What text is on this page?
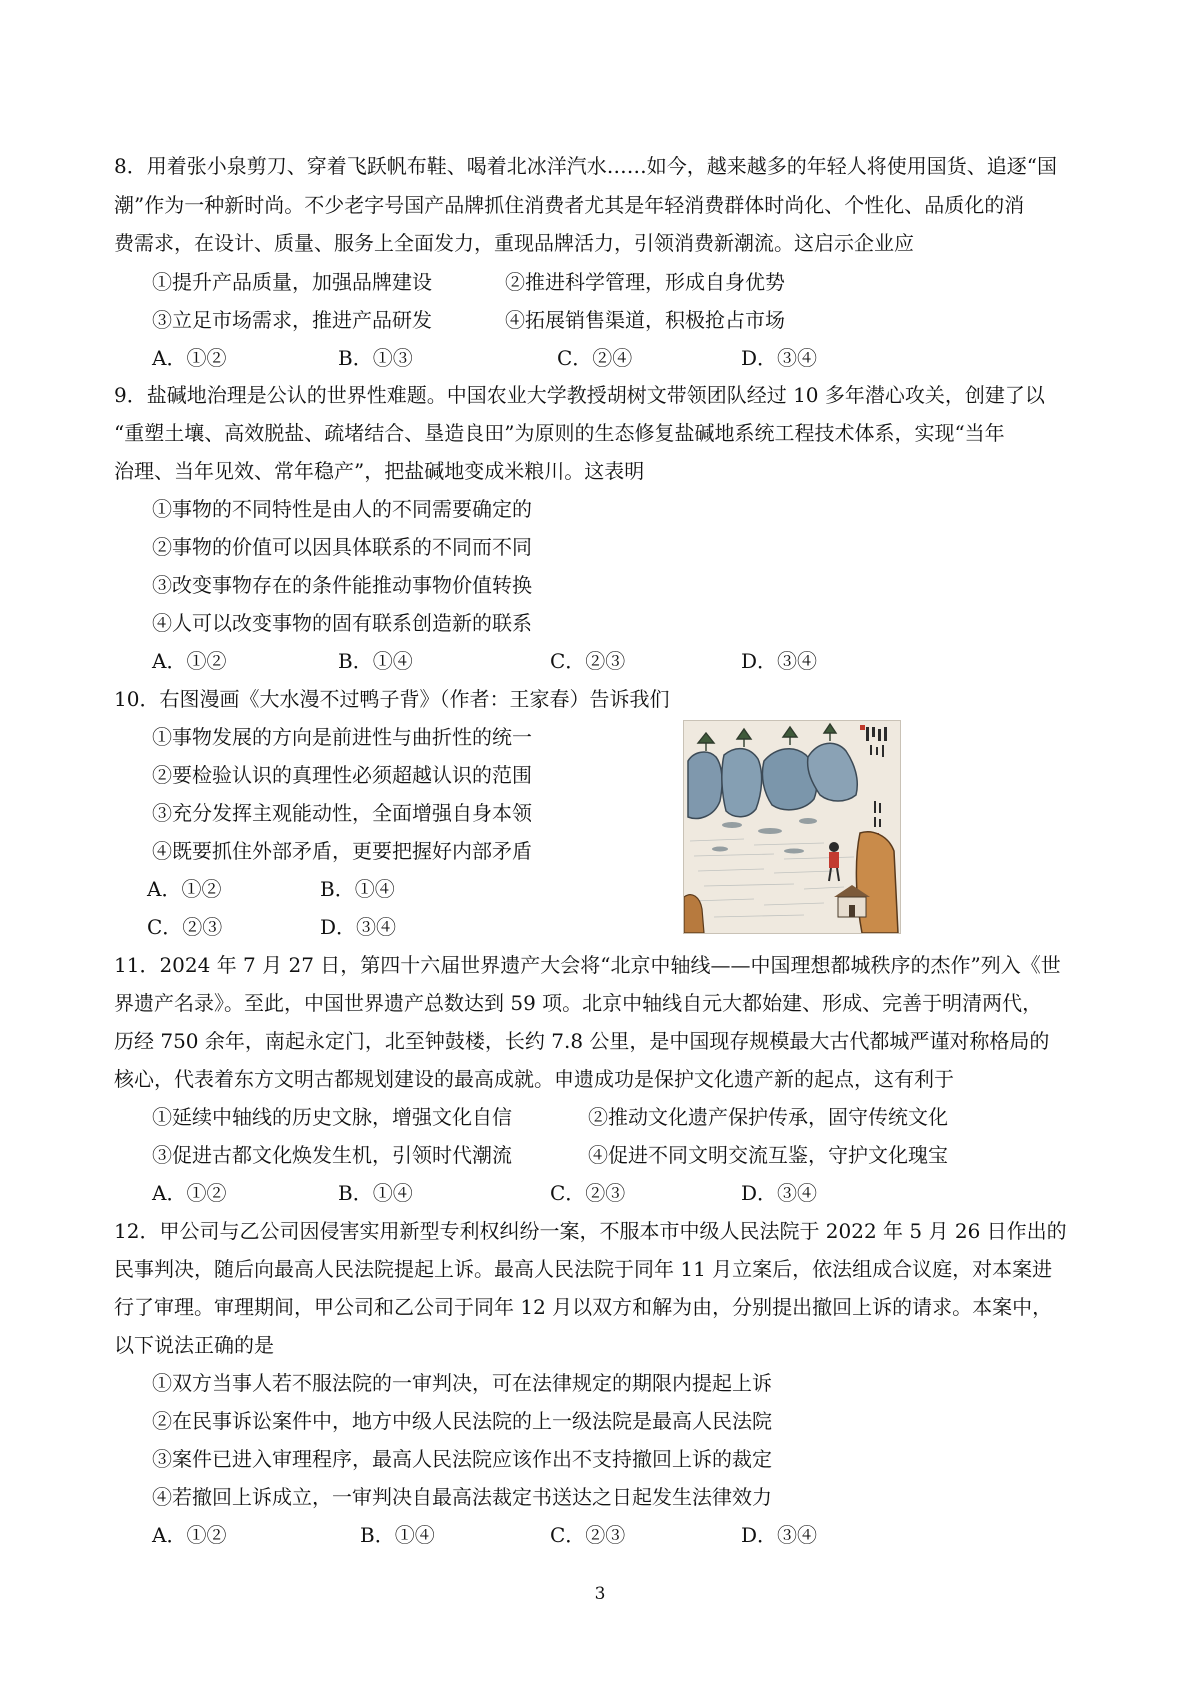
8．用着张小泉剪刀、穿着飞跃帆布鞋、喝着北冰洋汽水……如今，越来越多的年轻人将使用国货、追逐“国
潮”作为一种新时尚。不少老字号国产品牌抓住消费者尤其是年轻消费群体时尚化、个性化、品质化的消
费需求，在设计、质量、服务上全面发力，重现品牌活力，引领消费新潮流。这启示企业应
①提升产品质量，加强品牌建设	②推进科学管理，形成自身优势
③立足市场需求，推进产品研发	④拓展销售渠道，积极抢占市场
A．①②	B．①③	C．②④	D．③④
9．盐碱地治理是公认的世界性难题。中国农业大学教授胡树文带领团队经过 10 多年潜心攻关，创建了以
“重塑土壤、高效脱盐、疏堵结合、垦造良田”为原则的生态修复盐碱地系统工程技术体系，实现“当年
治理、当年见效、常年稳产”，把盐碱地变成米粮川。这表明
①事物的不同特性是由人的不同需要确定的
②事物的价值可以因具体联系的不同而不同
③改变事物存在的条件能推动事物价值转换
④人可以改变事物的固有联系创造新的联系
A．①②	B．①④	C．②③	D．③④
10．右图漫画《大水漫不过鸭子背》（作者：王家春）告诉我们
①事物发展的方向是前进性与曲折性的统一
②要检验认识的真理性必须超越认识的范围
③充分发挥主观能动性，全面增强自身本领
④既要抓住外部矛盾，更要把握好内部矛盾
A．①②	B．①④
C．②③	D．③④
11．2024 年 7 月 27 日，第四十六届世界遗产大会将“北京中轴线——中国理想都城秩序的杰作”列入《世
界遗产名录》。至此，中国世界遗产总数达到 59 项。北京中轴线自元大都始建、形成、完善于明清两代，
历经 750 余年，南起永定门，北至钟鼓楼，长约 7.8 公里，是中国现存规模最大古代都城严谨对称格局的
核心，代表着东方文明古都规划建设的最高成就。申遗成功是保护文化遗产新的起点，这有利于
①延续中轴线的历史文脉，增强文化自信	②推动文化遗产保护传承，固守传统文化
③促进古都文化焕发生机，引领时代潮流	④促进不同文明交流互鉴，守护文化瑰宝
A．①②	B．①④	C．②③	D．③④
12．甲公司与乙公司因侵害实用新型专利权纠纷一案，不服本市中级人民法院于 2022 年 5 月 26 日作出的
民事判决，随后向最高人民法院提起上诉。最高人民法院于同年 11 月立案后，依法组成合议庭，对本案进
行了审理。审理期间，甲公司和乙公司于同年 12 月以双方和解为由，分别提出撤回上诉的请求。本案中，
以下说法正确的是
①双方当事人若不服法院的一审判决，可在法律规定的期限内提起上诉
②在民事诉讼案件中，地方中级人民法院的上一级法院是最高人民法院
③案件已进入审理程序，最高人民法院应该作出不支持撤回上诉的裁定
④若撤回上诉成立，一审判决自最高法裁定书送达之日起发生法律效力
A．①②	B．①④	C．②③	D．③④
3
